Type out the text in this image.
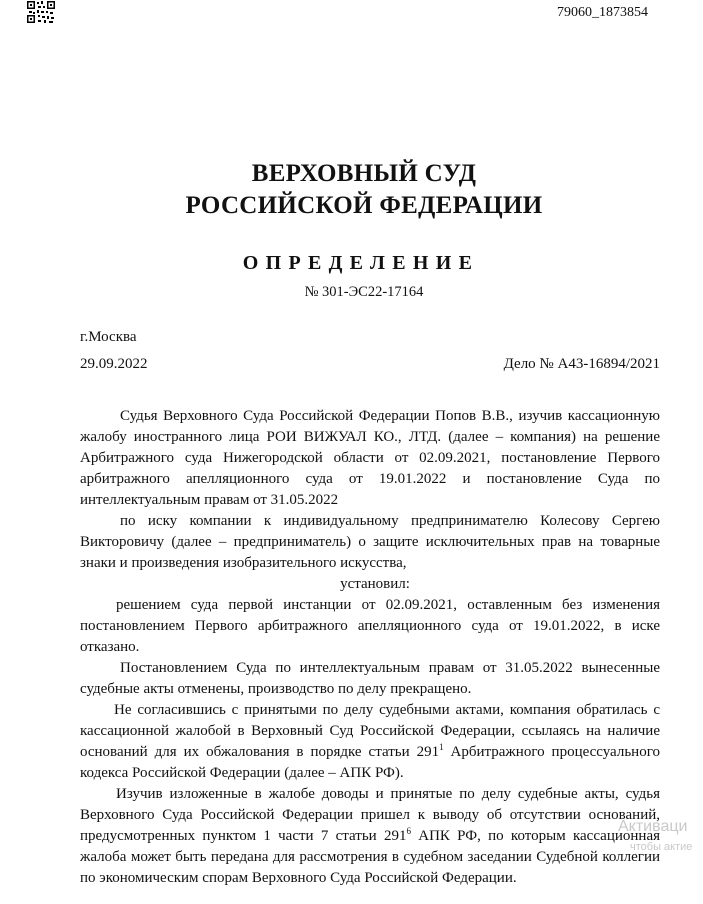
79060_1873854
ВЕРХОВНЫЙ СУД
РОССИЙСКОЙ ФЕДЕРАЦИИ
ОПРЕДЕЛЕНИЕ
№ 301-ЭС22-17164
г.Москва
29.09.2022	Дело № А43-16894/2021

Судья Верховного Суда Российской Федерации Попов В.В., изучив кассационную жалобу иностранного лица РОИ ВИЖУАЛ КО., ЛТД. (далее – компания) на решение Арбитражного суда Нижегородской области от 02.09.2021, постановление Первого арбитражного апелляционного суда от 19.01.2022 и постановление Суда по интеллектуальным правам от 31.05.2022

по иску компании к индивидуальному предпринимателю Колесову Сергею Викторовичу (далее – предприниматель) о защите исключительных прав на товарные знаки и произведения изобразительного искусства,

установил:

решением суда первой инстанции от 02.09.2021, оставленным без изменения постановлением Первого арбитражного апелляционного суда от 19.01.2022, в иске отказано.

Постановлением Суда по интеллектуальным правам от 31.05.2022 вынесенные судебные акты отменены, производство по делу прекращено.

Не согласившись с принятыми по делу судебными актами, компания обратилась с кассационной жалобой в Верховный Суд Российской Федерации, ссылаясь на наличие оснований для их обжалования в порядке статьи $291^1$ Арбитражного процессуального кодекса Российской Федерации (далее – АПК РФ).

Изучив изложенные в жалобе доводы и принятые по делу судебные акты, судья Верховного Суда Российской Федерации пришел к выводу об отсутствии оснований, предусмотренных пунктом 1 части 7 статьи $291^6$ АПК РФ, по которым кассационная жалоба может быть передана для рассмотрения в судебном заседании Судебной коллегии по экономическим спорам Верховного Суда Российской Федерации.

Активаци
чтобы актие
